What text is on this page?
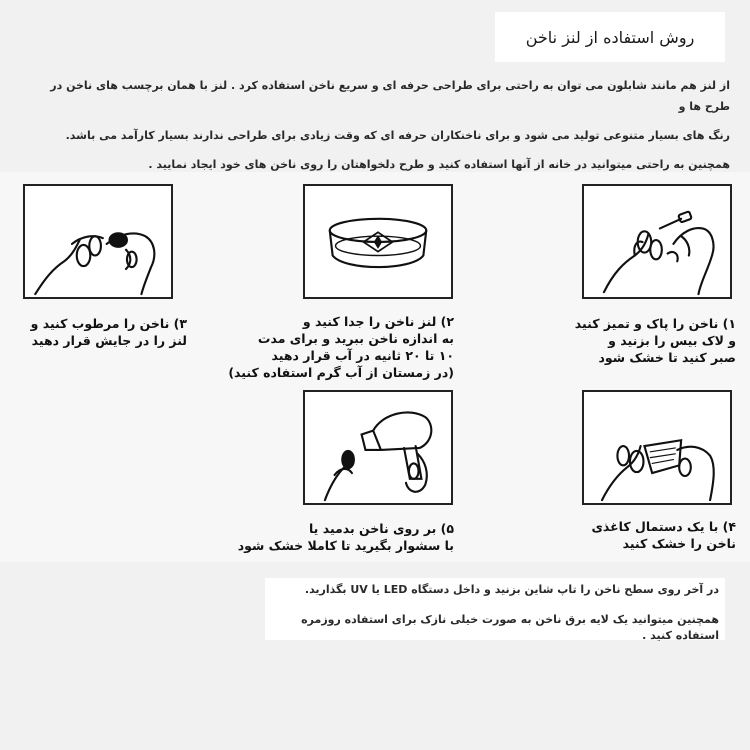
روش استفاده از لنز ناخن

از لنز هم مانند شابلون می توان به راحتی برای طراحی حرفه ای و سریع ناخن استفاده کرد . لنز با همان برچسب های ناخن در طرح ها و

رنگ های بسیار متنوعی تولید می شود و برای ناخنکاران حرفه ای که وقت زیادی برای طراحی ندارند بسیار کارآمد می باشد.

همچنین به راحتی میتوانید در خانه از آنها استفاده کنید و طرح دلخواهتان را روی ناخن های خود ایجاد نمایید .

۱) ناخن را پاک و تمیز کنید
و لاک بیس را بزنید و
صبر کنید تا خشک شود
۲) لنز ناخن را جدا کنید و
به اندازه ناخن ببرید و برای مدت
۱۰ تا ۲۰ ثانیه در آب قرار دهید
(در زمستان از آب گرم استفاده کنید)
۳) ناخن را مرطوب کنید و
لنز را در جایش قرار دهید
۴) با یک دستمال کاغذی
ناخن را خشک کنید
۵) بر روی ناخن بدمید یا
با سشوار بگیرید تا کاملا خشک شود

در آخر روی سطح ناخن را تاپ شاین بزنید و داخل دستگاه LED یا UV بگذارید.

همچنین میتوانید یک لایه برق ناخن به صورت خیلی نازک برای استفاده روزمره استفاده کنید .
